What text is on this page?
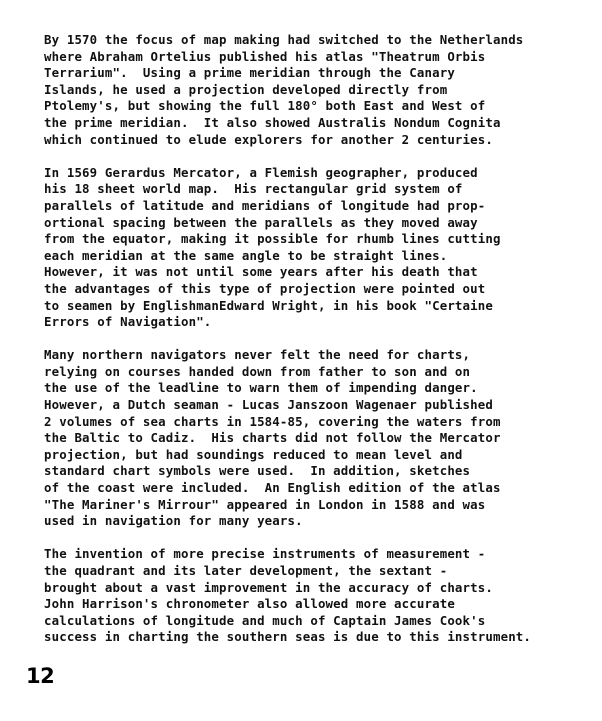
By 1570 the focus of map making had switched to the Netherlands
where Abraham Ortelius published his atlas "Theatrum Orbis
Terrarium".  Using a prime meridian through the Canary
Islands, he used a projection developed directly from
Ptolemy's, but showing the full 180° both East and West of
the prime meridian.  It also showed Australis Nondum Cognita
which continued to elude explorers for another 2 centuries.

In 1569 Gerardus Mercator, a Flemish geographer, produced
his 18 sheet world map.  His rectangular grid system of
parallels of latitude and meridians of longitude had prop-
ortional spacing between the parallels as they moved away
from the equator, making it possible for rhumb lines cutting
each meridian at the same angle to be straight lines.
However, it was not until some years after his death that
the advantages of this type of projection were pointed out
to seamen by EnglishmanEdward Wright, in his book "Certaine
Errors of Navigation".

Many northern navigators never felt the need for charts,
relying on courses handed down from father to son and on
the use of the leadline to warn them of impending danger.
However, a Dutch seaman - Lucas Janszoon Wagenaer published
2 volumes of sea charts in 1584-85, covering the waters from
the Baltic to Cadiz.  His charts did not follow the Mercator
projection, but had soundings reduced to mean level and
standard chart symbols were used.  In addition, sketches
of the coast were included.  An English edition of the atlas
"The Mariner's Mirrour" appeared in London in 1588 and was
used in navigation for many years.

The invention of more precise instruments of measurement -
the quadrant and its later development, the sextant -
brought about a vast improvement in the accuracy of charts.
John Harrison's chronometer also allowed more accurate
calculations of longitude and much of Captain James Cook's
success in charting the southern seas is due to this instrument.

12
